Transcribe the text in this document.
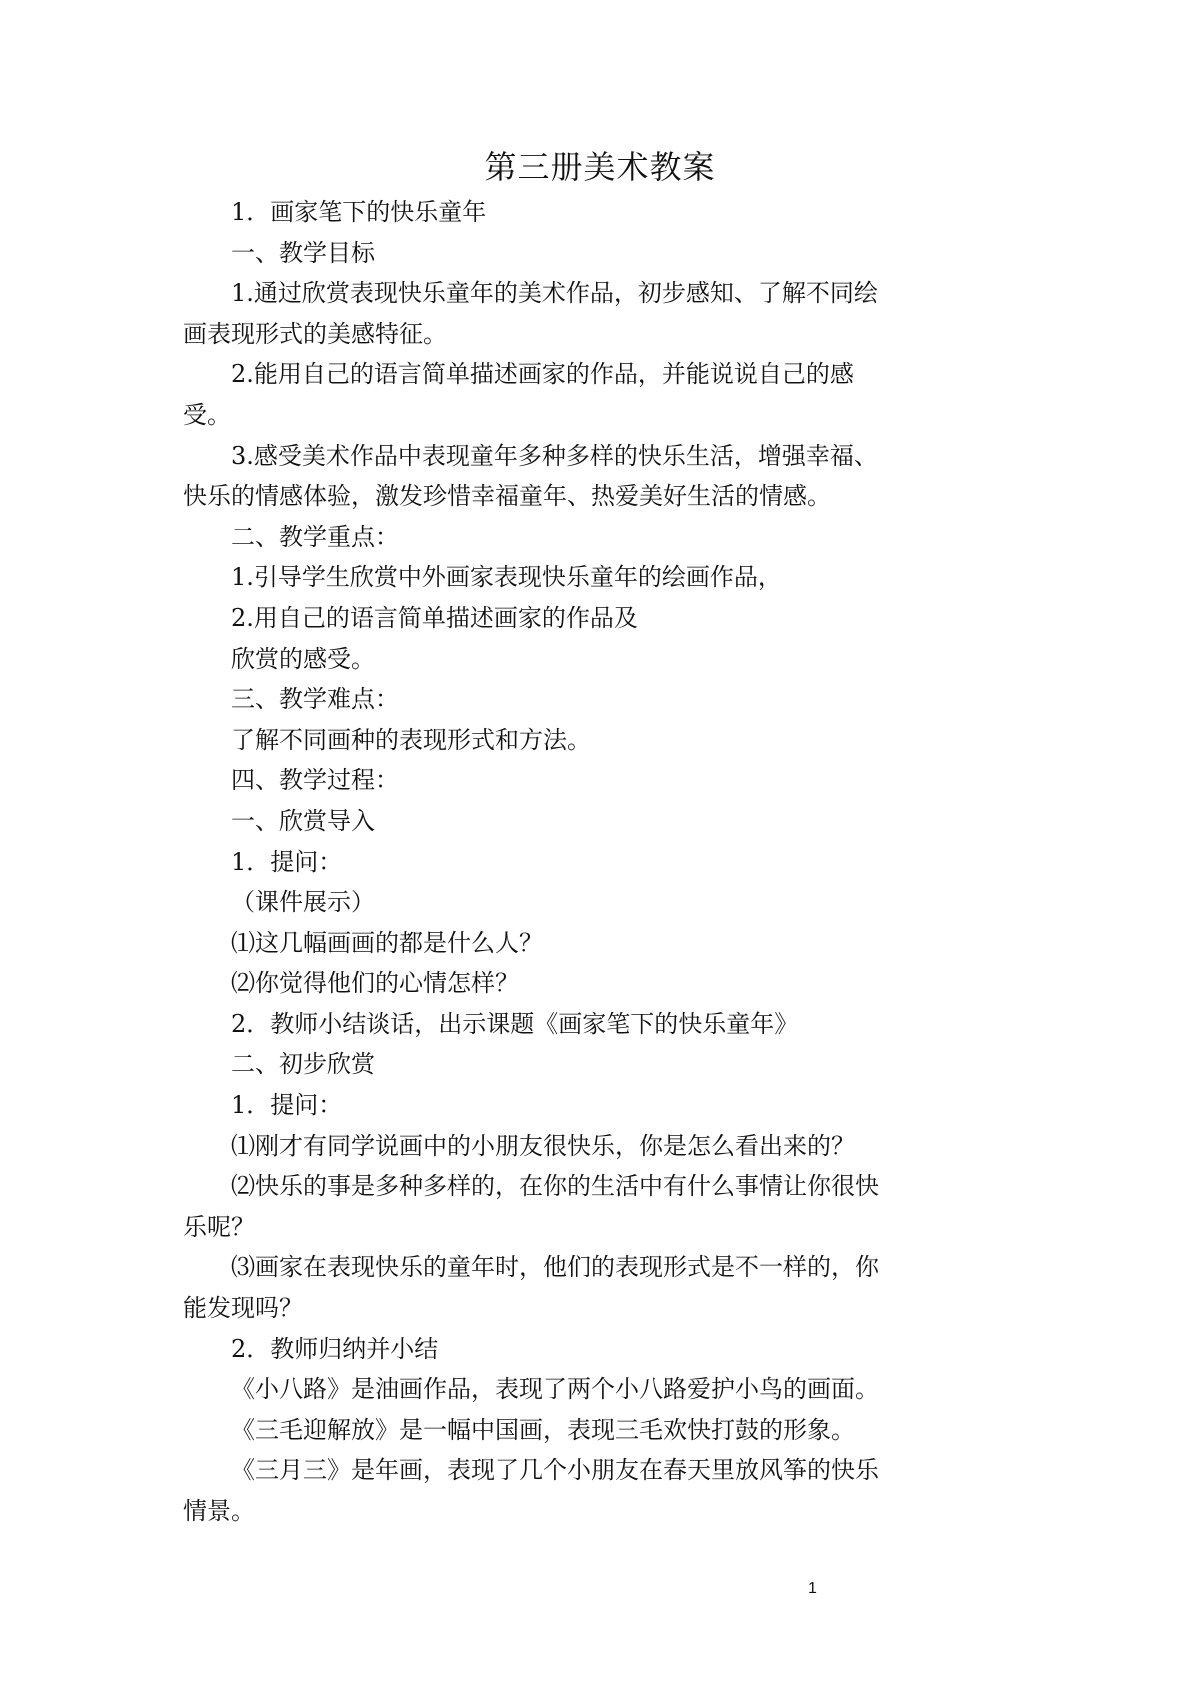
第三册美术教案
1．画家笔下的快乐童年
一、教学目标
1.通过欣赏表现快乐童年的美术作品，初步感知、了解不同绘
画表现形式的美感特征。
2.能用自己的语言简单描述画家的作品，并能说说自己的感
受。
3.感受美术作品中表现童年多种多样的快乐生活，增强幸福、
快乐的情感体验，激发珍惜幸福童年、热爱美好生活的情感。
二、教学重点：
1.引导学生欣赏中外画家表现快乐童年的绘画作品，
2.用自己的语言简单描述画家的作品及
欣赏的感受。
三、教学难点：
了解不同画种的表现形式和方法。
四、教学过程：
一、欣赏导入
1．提问：
（课件展示）
⑴这几幅画画的都是什么人？
⑵你觉得他们的心情怎样？
2．教师小结谈话，出示课题《画家笔下的快乐童年》
二、初步欣赏
1．提问：
⑴刚才有同学说画中的小朋友很快乐，你是怎么看出来的？
⑵快乐的事是多种多样的，在你的生活中有什么事情让你很快
乐呢？
⑶画家在表现快乐的童年时，他们的表现形式是不一样的，你
能发现吗？
2．教师归纳并小结
《小八路》是油画作品，表现了两个小八路爱护小鸟的画面。
《三毛迎解放》是一幅中国画，表现三毛欢快打鼓的形象。
《三月三》是年画，表现了几个小朋友在春天里放风筝的快乐
情景。
1
